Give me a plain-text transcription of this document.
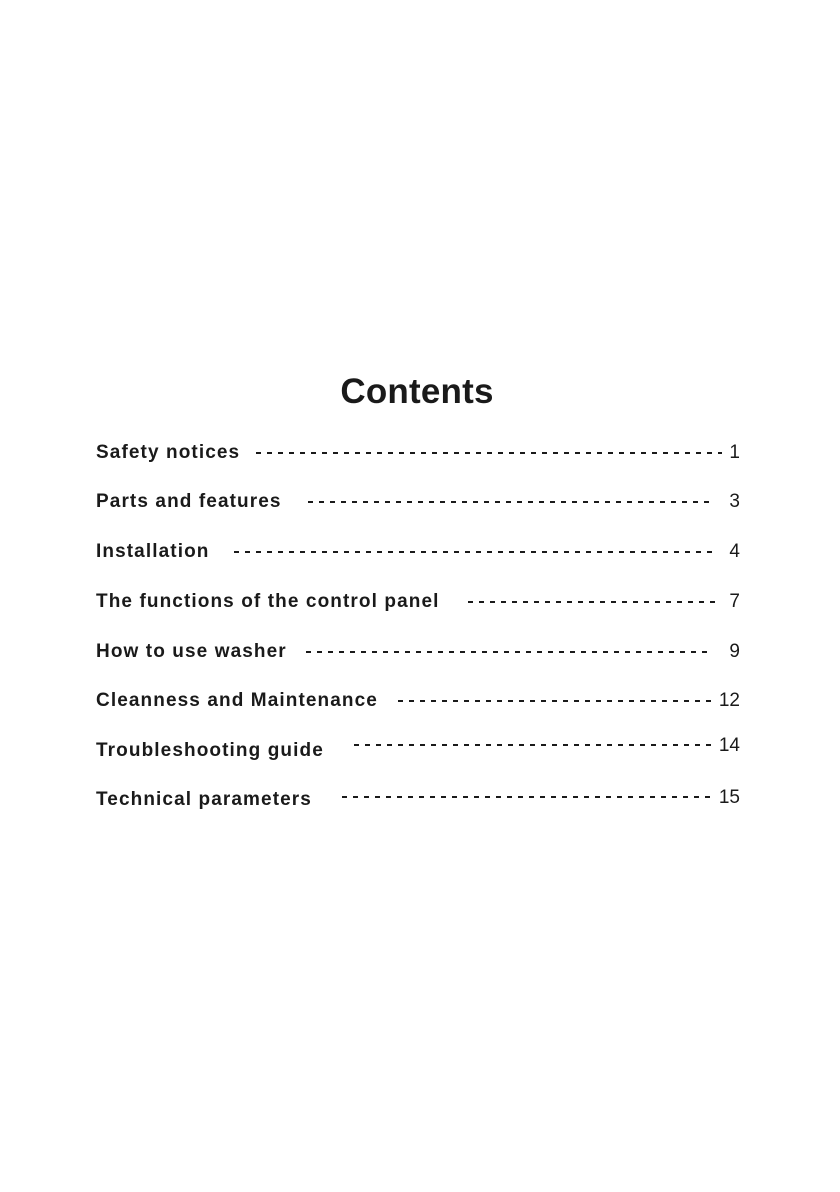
Contents
Safety notices	1
Parts and features	3
Installation	4
The functions of the control panel	7
How to use washer	9
Cleanness and Maintenance	12
Troubleshooting guide	14
Technical parameters	15
